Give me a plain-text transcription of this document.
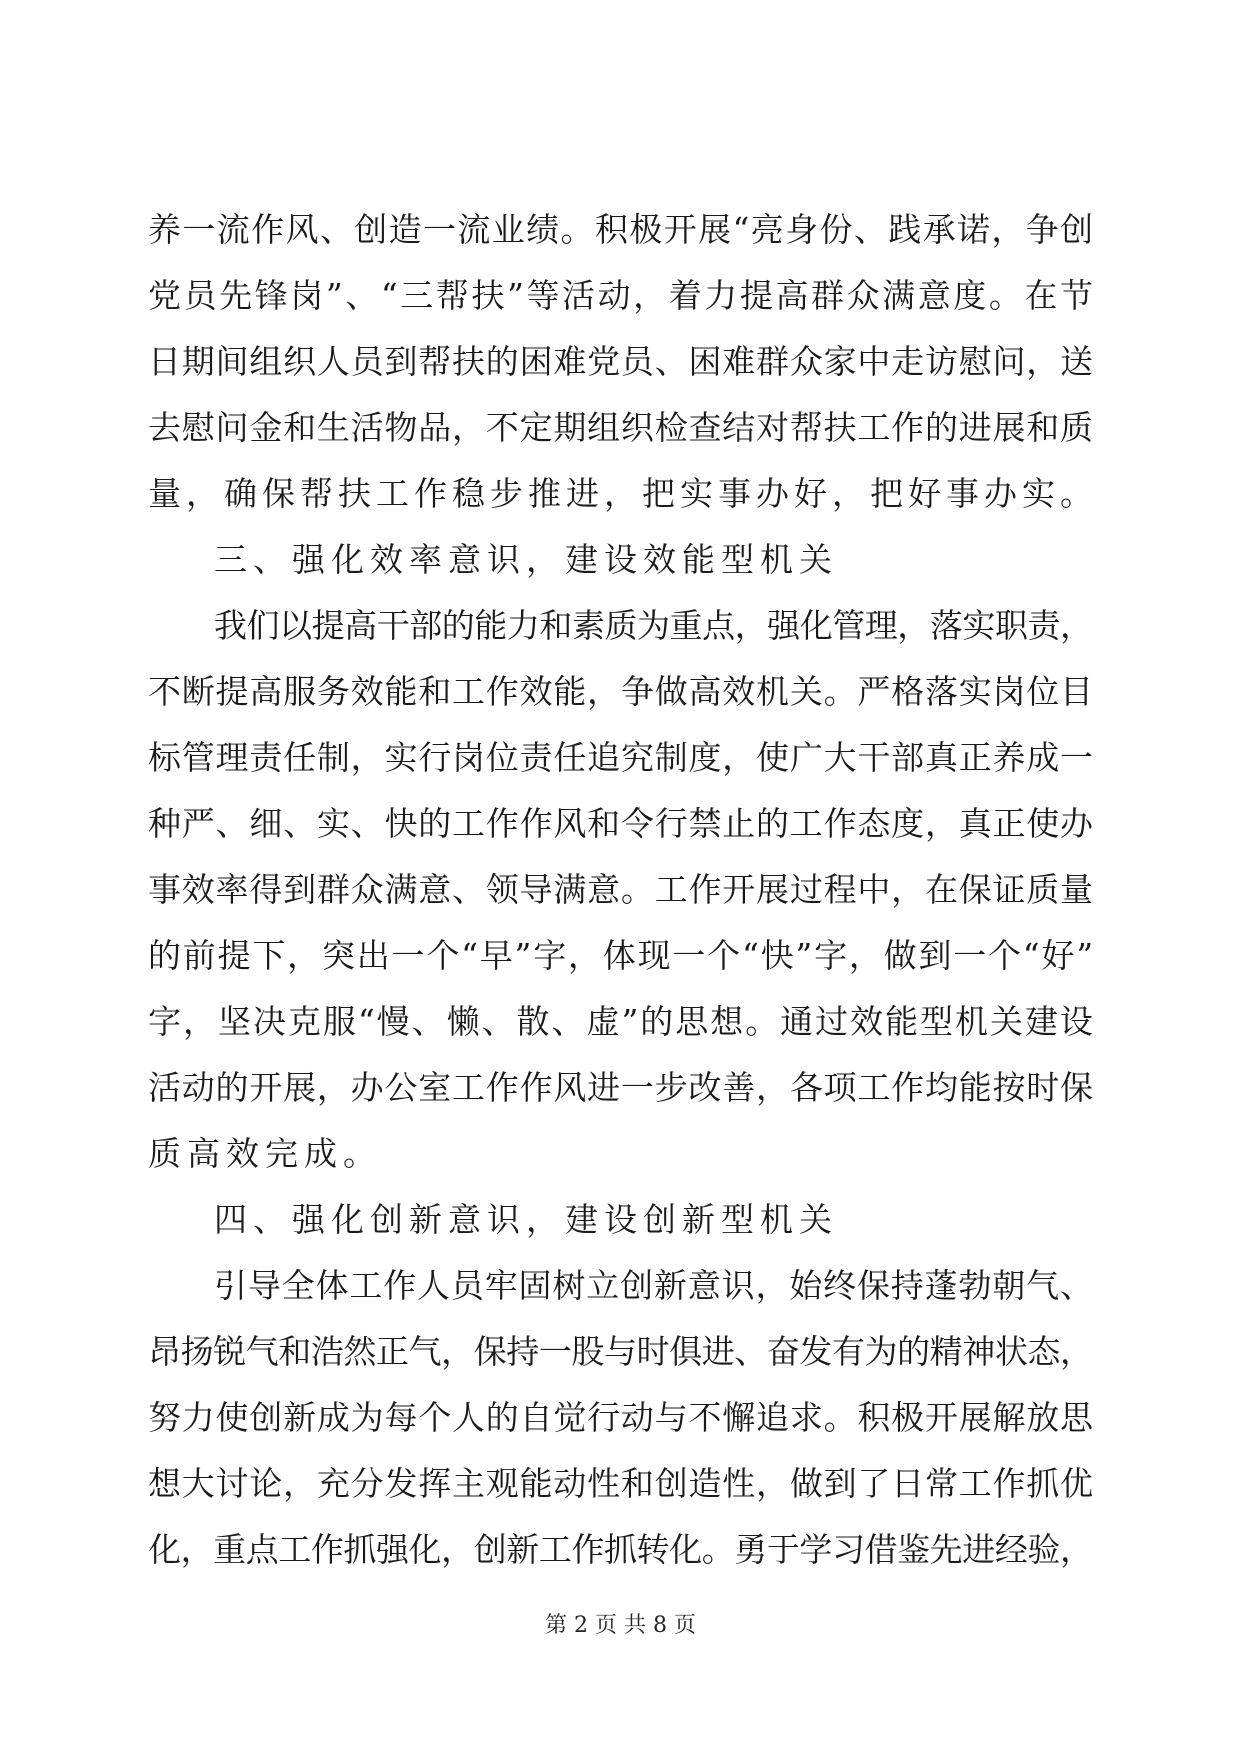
养一流作风、创造一流业绩。积极开展“亮身份、践承诺，争创
党员先锋岗”、“三帮扶”等活动，着力提高群众满意度。在节
日期间组织人员到帮扶的困难党员、困难群众家中走访慰问，送
去慰问金和生活物品，不定期组织检查结对帮扶工作的进展和质
量，确保帮扶工作稳步推进，把实事办好，把好事办实。
三、强化效率意识，建设效能型机关
我们以提高干部的能力和素质为重点，强化管理，落实职责，
不断提高服务效能和工作效能，争做高效机关。严格落实岗位目
标管理责任制，实行岗位责任追究制度，使广大干部真正养成一
种严、细、实、快的工作作风和令行禁止的工作态度，真正使办
事效率得到群众满意、领导满意。工作开展过程中，在保证质量
的前提下，突出一个“早”字，体现一个“快”字，做到一个“好”
字，坚决克服“慢、懒、散、虚”的思想。通过效能型机关建设
活动的开展，办公室工作作风进一步改善，各项工作均能按时保
质高效完成。
四、强化创新意识，建设创新型机关
引导全体工作人员牢固树立创新意识，始终保持蓬勃朝气、
昂扬锐气和浩然正气，保持一股与时俱进、奋发有为的精神状态，
努力使创新成为每个人的自觉行动与不懈追求。积极开展解放思
想大讨论，充分发挥主观能动性和创造性，做到了日常工作抓优
化，重点工作抓强化，创新工作抓转化。勇于学习借鉴先进经验，
第 2 页 共 8 页
